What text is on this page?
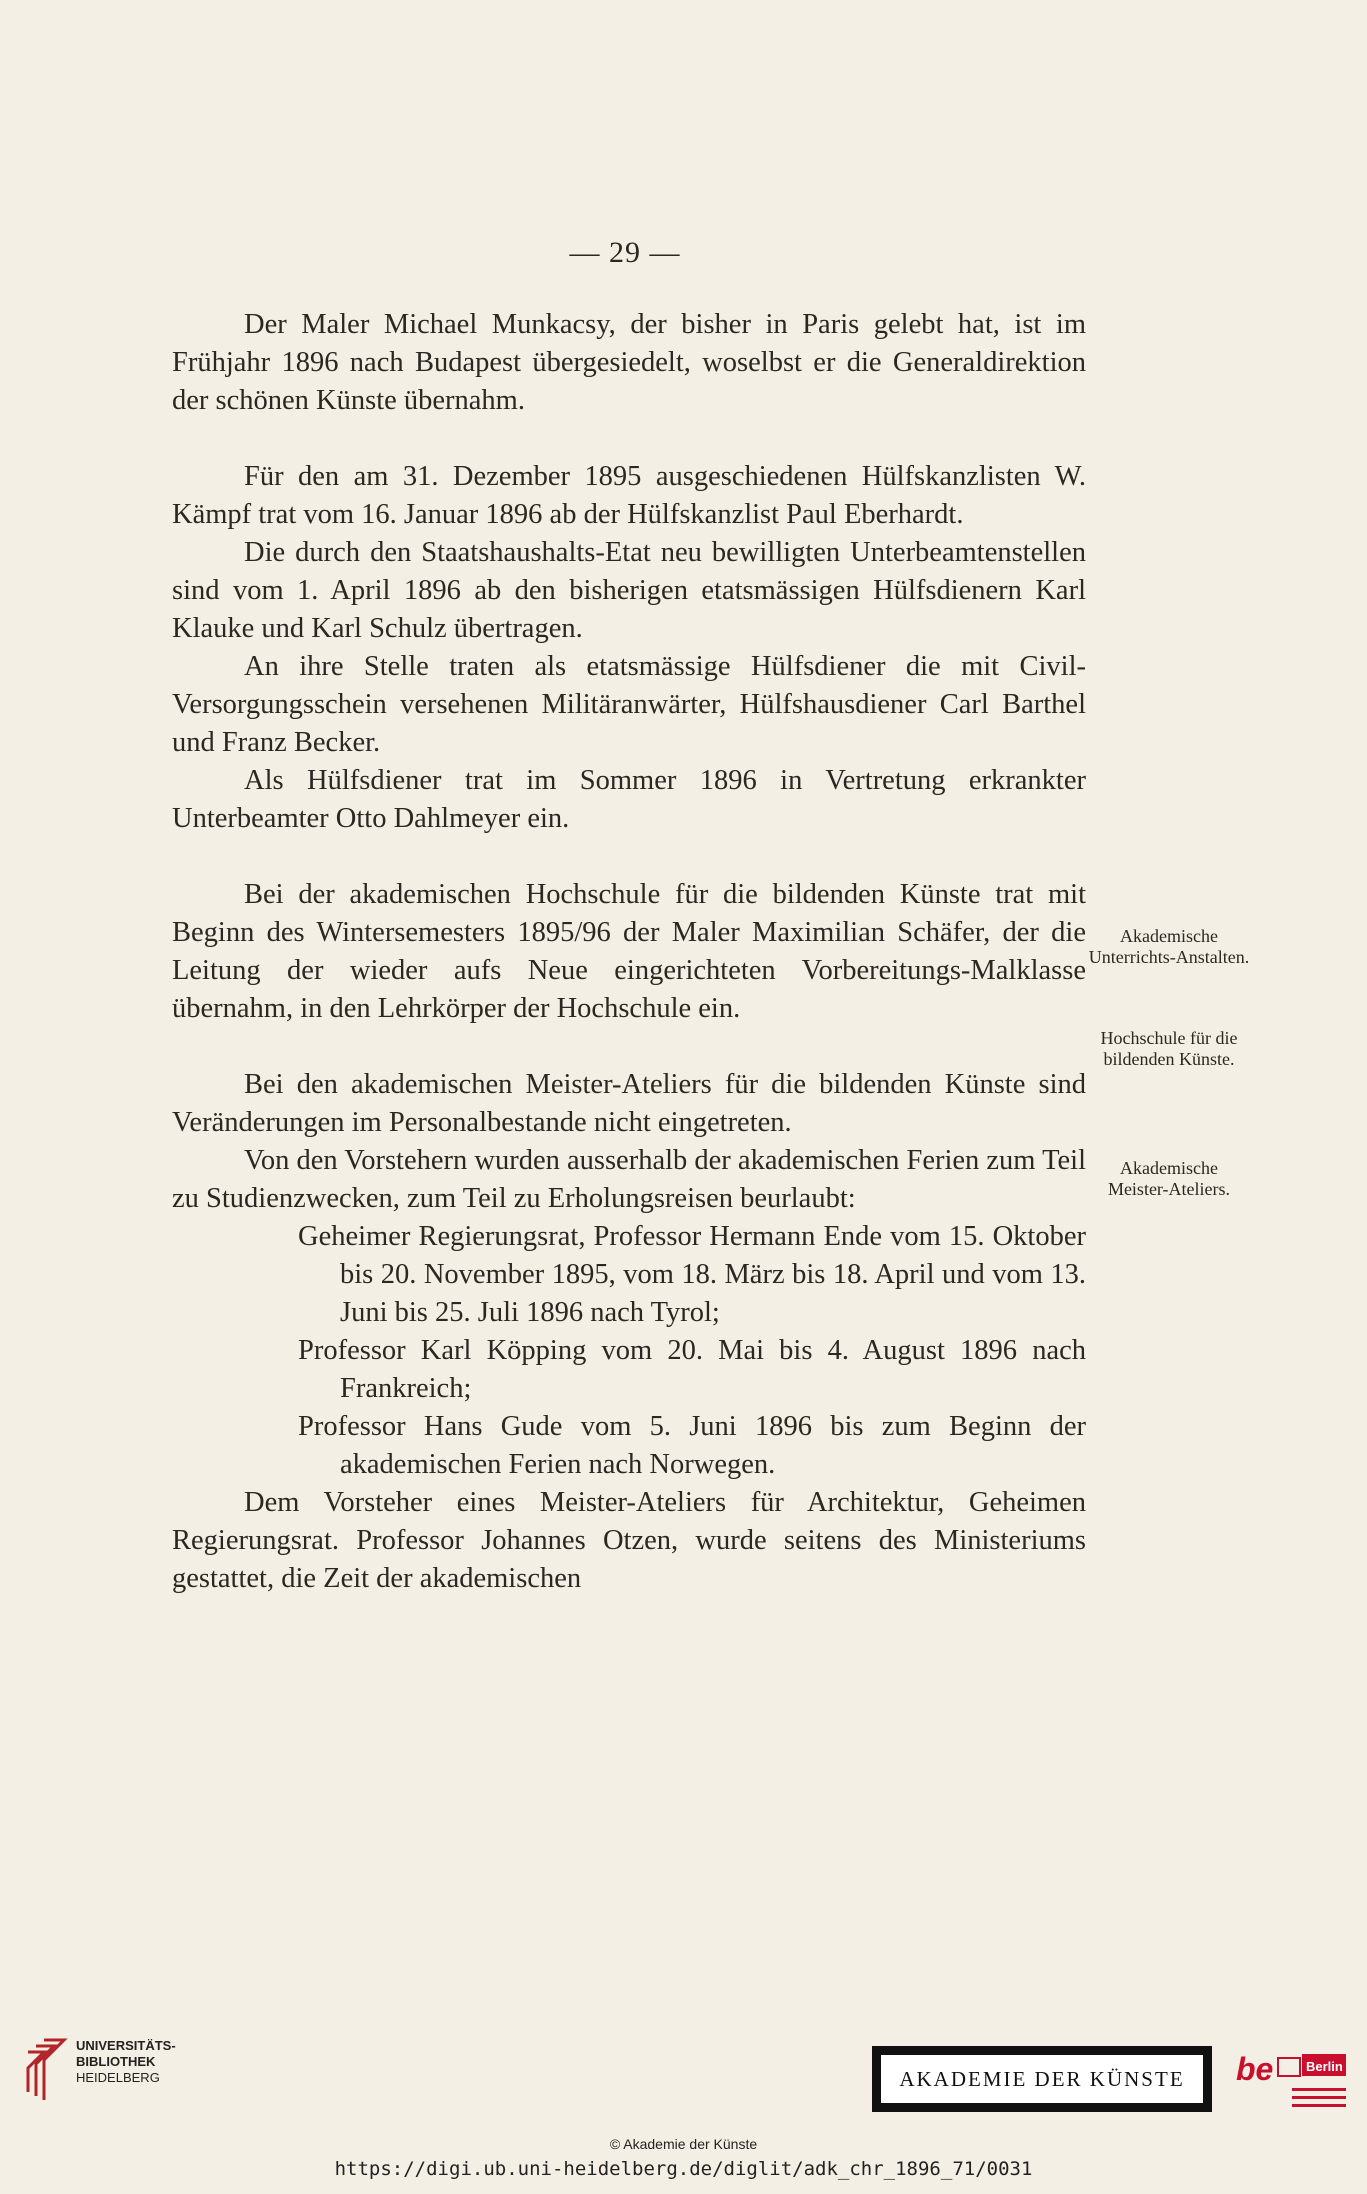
— 29 —

Der Maler Michael Munkacsy, der bisher in Paris gelebt hat, ist im Frühjahr 1896 nach Budapest übergesiedelt, woselbst er die Generaldirektion der schönen Künste übernahm.

Für den am 31. Dezember 1895 ausgeschiedenen Hülfskanzlisten W. Kämpf trat vom 16. Januar 1896 ab der Hülfskanzlist Paul Eberhardt.

Die durch den Staatshaushalts-Etat neu bewilligten Unterbeamtenstellen sind vom 1. April 1896 ab den bisherigen etatsmässigen Hülfsdienern Karl Klauke und Karl Schulz übertragen.

An ihre Stelle traten als etatsmässige Hülfsdiener die mit Civil-Versorgungsschein versehenen Militäranwärter, Hülfshausdiener Carl Barthel und Franz Becker.

Als Hülfsdiener trat im Sommer 1896 in Vertretung erkrankter Unterbeamter Otto Dahlmeyer ein.

Bei der akademischen Hochschule für die bildenden Künste trat mit Beginn des Wintersemesters 1895/96 der Maler Maximilian Schäfer, der die Leitung der wieder aufs Neue eingerichteten Vorbereitungs-Malklasse übernahm, in den Lehrkörper der Hochschule ein.

Bei den akademischen Meister-Ateliers für die bildenden Künste sind Veränderungen im Personalbestande nicht eingetreten.

Von den Vorstehern wurden ausserhalb der akademischen Ferien zum Teil zu Studienzwecken, zum Teil zu Erholungsreisen beurlaubt:

Geheimer Regierungsrat, Professor Hermann Ende vom 15. Oktober bis 20. November 1895, vom 18. März bis 18. April und vom 13. Juni bis 25. Juli 1896 nach Tyrol;

Professor Karl Köpping vom 20. Mai bis 4. August 1896 nach Frankreich;

Professor Hans Gude vom 5. Juni 1896 bis zum Beginn der akademischen Ferien nach Norwegen.

Dem Vorsteher eines Meister-Ateliers für Architektur, Geheimen Regierungsrat. Professor Johannes Otzen, wurde seitens des Ministeriums gestattet, die Zeit der akademischen

Akademische Unterrichts-Anstalten.
Hochschule für die bildenden Künste.
Akademische Meister-Ateliers.
UNIVERSITÄTS-
BIBLIOTHEK
HEIDELBERG	AKADEMIE DER KÜNSTE	be	Berlin
© Akademie der Künste
https://digi.ub.uni-heidelberg.de/diglit/adk_chr_1896_71/0031
